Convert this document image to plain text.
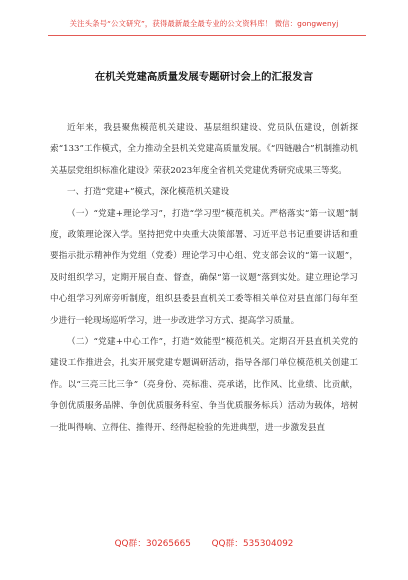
关注头条号“公文研究”，获得最新最全最专业的公文资料库！ 微信：gongwenyj
在机关党建高质量发展专题研讨会上的汇报发言

近年来，我县聚焦模范机关建设、基层组织建设、党员队伍建设，创新探索“133”工作模式，全力推动全县机关党建高质量发展。《“四链融合”机制推动机关基层党组织标准化建设》荣获2023年度全省机关党建优秀研究成果三等奖。

一、打造“党建+”模式，深化模范机关建设

（一）“党建+理论学习”，打造“学习型”模范机关。严格落实“第一议题”制度，政策理论深入学。坚持把党中央重大决策部署、习近平总书记重要讲话和重要指示批示精神作为党组（党委）理论学习中心组、党支部会议的“第一议题”，及时组织学习，定期开展自查、督查，确保“第一议题”落到实处。建立理论学习中心组学习列席旁听制度，组织县委县直机关工委等相关单位对县直部门每年至少进行一轮现场巡听学习，进一步改进学习方式、提高学习质量。

（二）“党建+中心工作”，打造“效能型”模范机关。定期召开县直机关党的建设工作推进会，扎实开展党建专题调研活动，指导各部门单位模范机关创建工作。以“三亮三比三争”（亮身份、亮标准、亮承诺，比作风、比业绩、比贡献，争创优质服务品牌、争创优质服务科室、争当优质服务标兵）活动为载体，培树一批叫得响、立得住、推得开、经得起检验的先进典型，进一步激发县直

QQ群：30265665 QQ群：535304092
